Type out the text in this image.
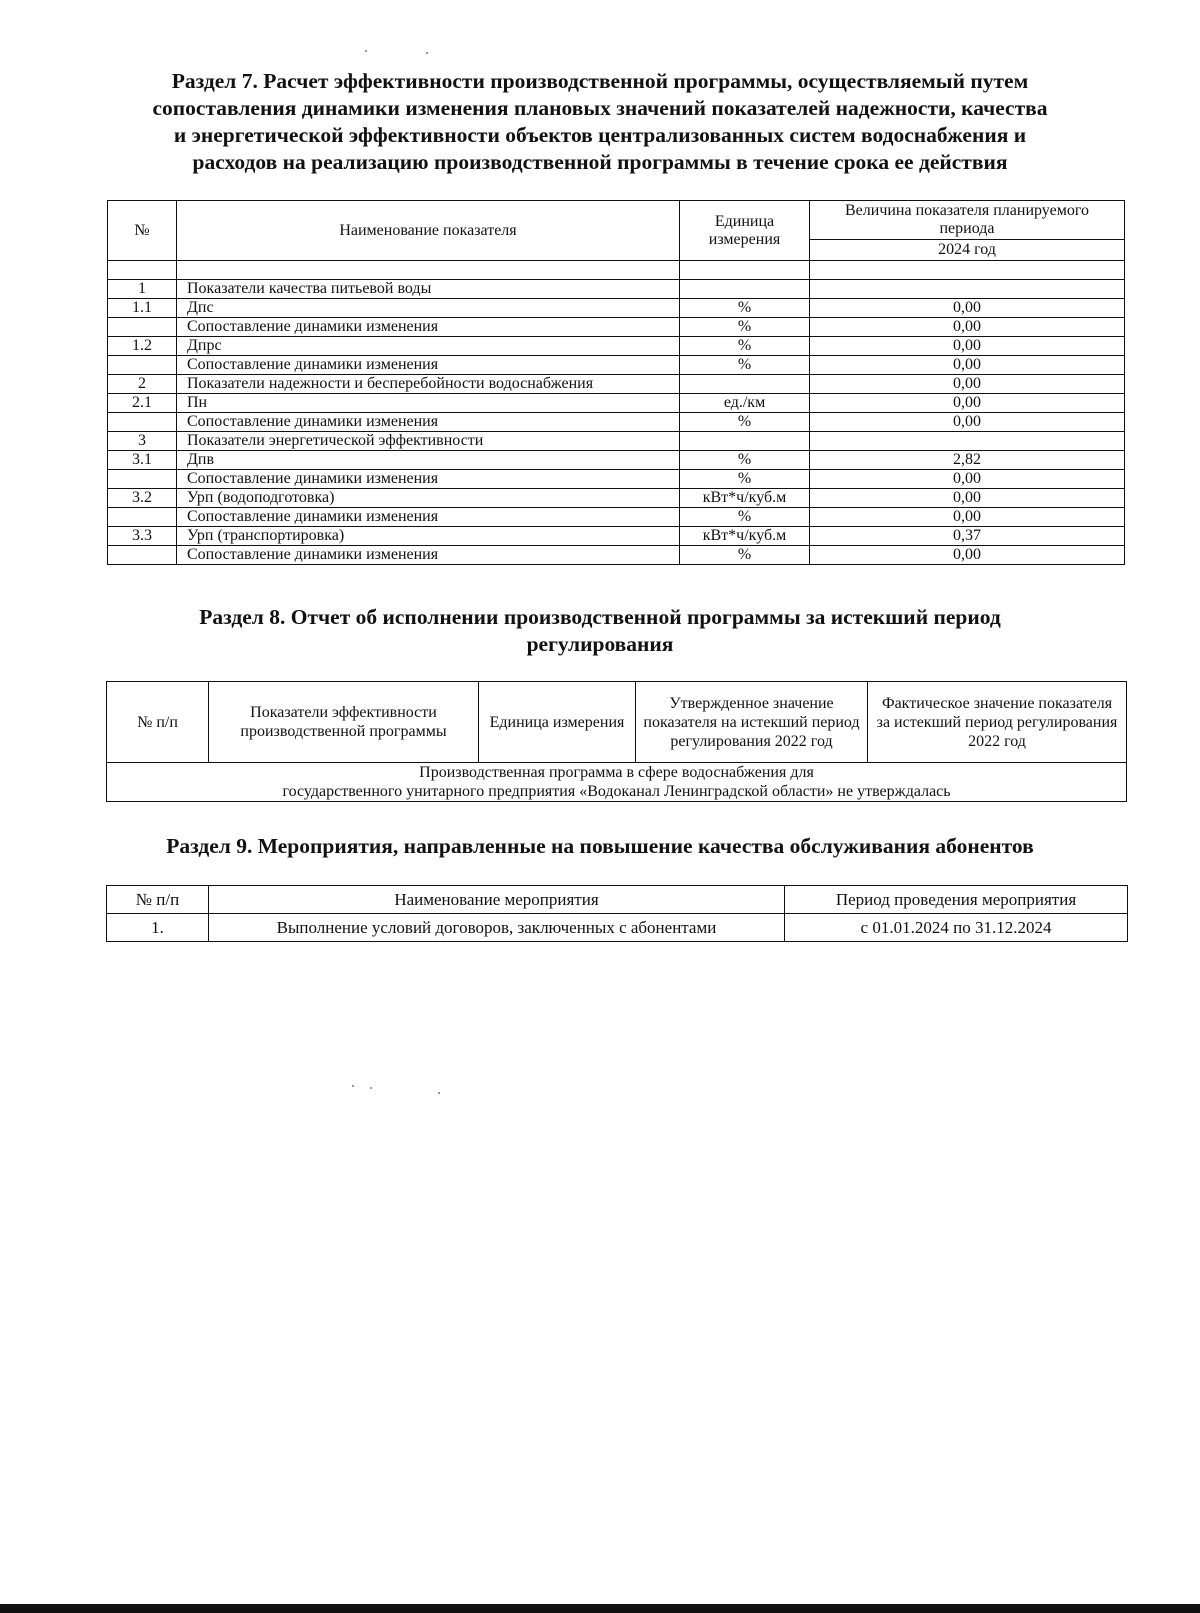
Раздел 7. Расчет эффективности производственной программы, осуществляемый путем
сопоставления динамики изменения плановых значений показателей надежности, качества
и энергетической эффективности объектов централизованных систем водоснабжения и
расходов на реализацию производственной программы в течение срока ее действия
№	Наименование показателя	Единица измерения	Величина показателя планируемого периода
			2024 год

1	Показатели качества питьевой воды		
1.1	Дпс	%	0,00
	Сопоставление динамики изменения	%	0,00
1.2	Дпрс	%	0,00
	Сопоставление динамики изменения	%	0,00
2	Показатели надежности и бесперебойности водоснабжения		0,00
2.1	Пн	ед./км	0,00
	Сопоставление динамики изменения	%	0,00
3	Показатели энергетической эффективности		
3.1	Дпв	%	2,82
	Сопоставление динамики изменения	%	0,00
3.2	Урп (водоподготовка)	кВт*ч/куб.м	0,00
	Сопоставление динамики изменения	%	0,00
3.3	Урп (транспортировка)	кВт*ч/куб.м	0,37
	Сопоставление динамики изменения	%	0,00
Раздел 8. Отчет об исполнении производственной программы за истекший период
регулирования
№ п/п	Показатели эффективности производственной программы	Единица измерения	Утвержденное значение показателя на истекший период регулирования 2022 год	Фактическое значение показателя за истекший период регулирования 2022 год

Производственная программа в сфере водоснабжения для
государственного унитарного предприятия «Водоканал Ленинградской области» не утверждалась
Раздел 9. Мероприятия, направленные на повышение качества обслуживания абонентов
№ п/п	Наименование мероприятия	Период проведения мероприятия
1.	Выполнение условий договоров, заключенных с абонентами	с 01.01.2024 по 31.12.2024
